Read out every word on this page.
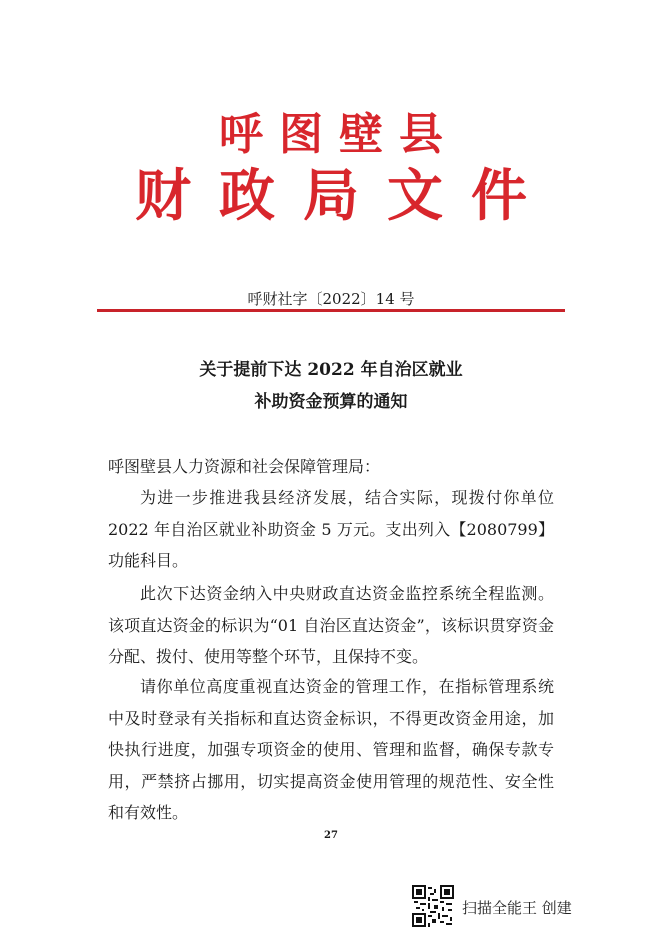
呼图壁县
财政局文件
呼财社字〔2022〕14 号
关于提前下达 2022 年自治区就业
补助资金预算的通知
呼图壁县人力资源和社会保障管理局：
为进一步推进我县经济发展，结合实际，现拨付你单位 2022 年自治区就业补助资金 5 万元。支出列入【2080799】功能科目。
此次下达资金纳入中央财政直达资金监控系统全程监测。该项直达资金的标识为“01 自治区直达资金”，该标识贯穿资金分配、拨付、使用等整个环节，且保持不变。
请你单位高度重视直达资金的管理工作，在指标管理系统中及时登录有关指标和直达资金标识，不得更改资金用途，加快执行进度，加强专项资金的使用、管理和监督，确保专款专用，严禁挤占挪用，切实提高资金使用管理的规范性、安全性和有效性。
27
扫描全能王 创建
